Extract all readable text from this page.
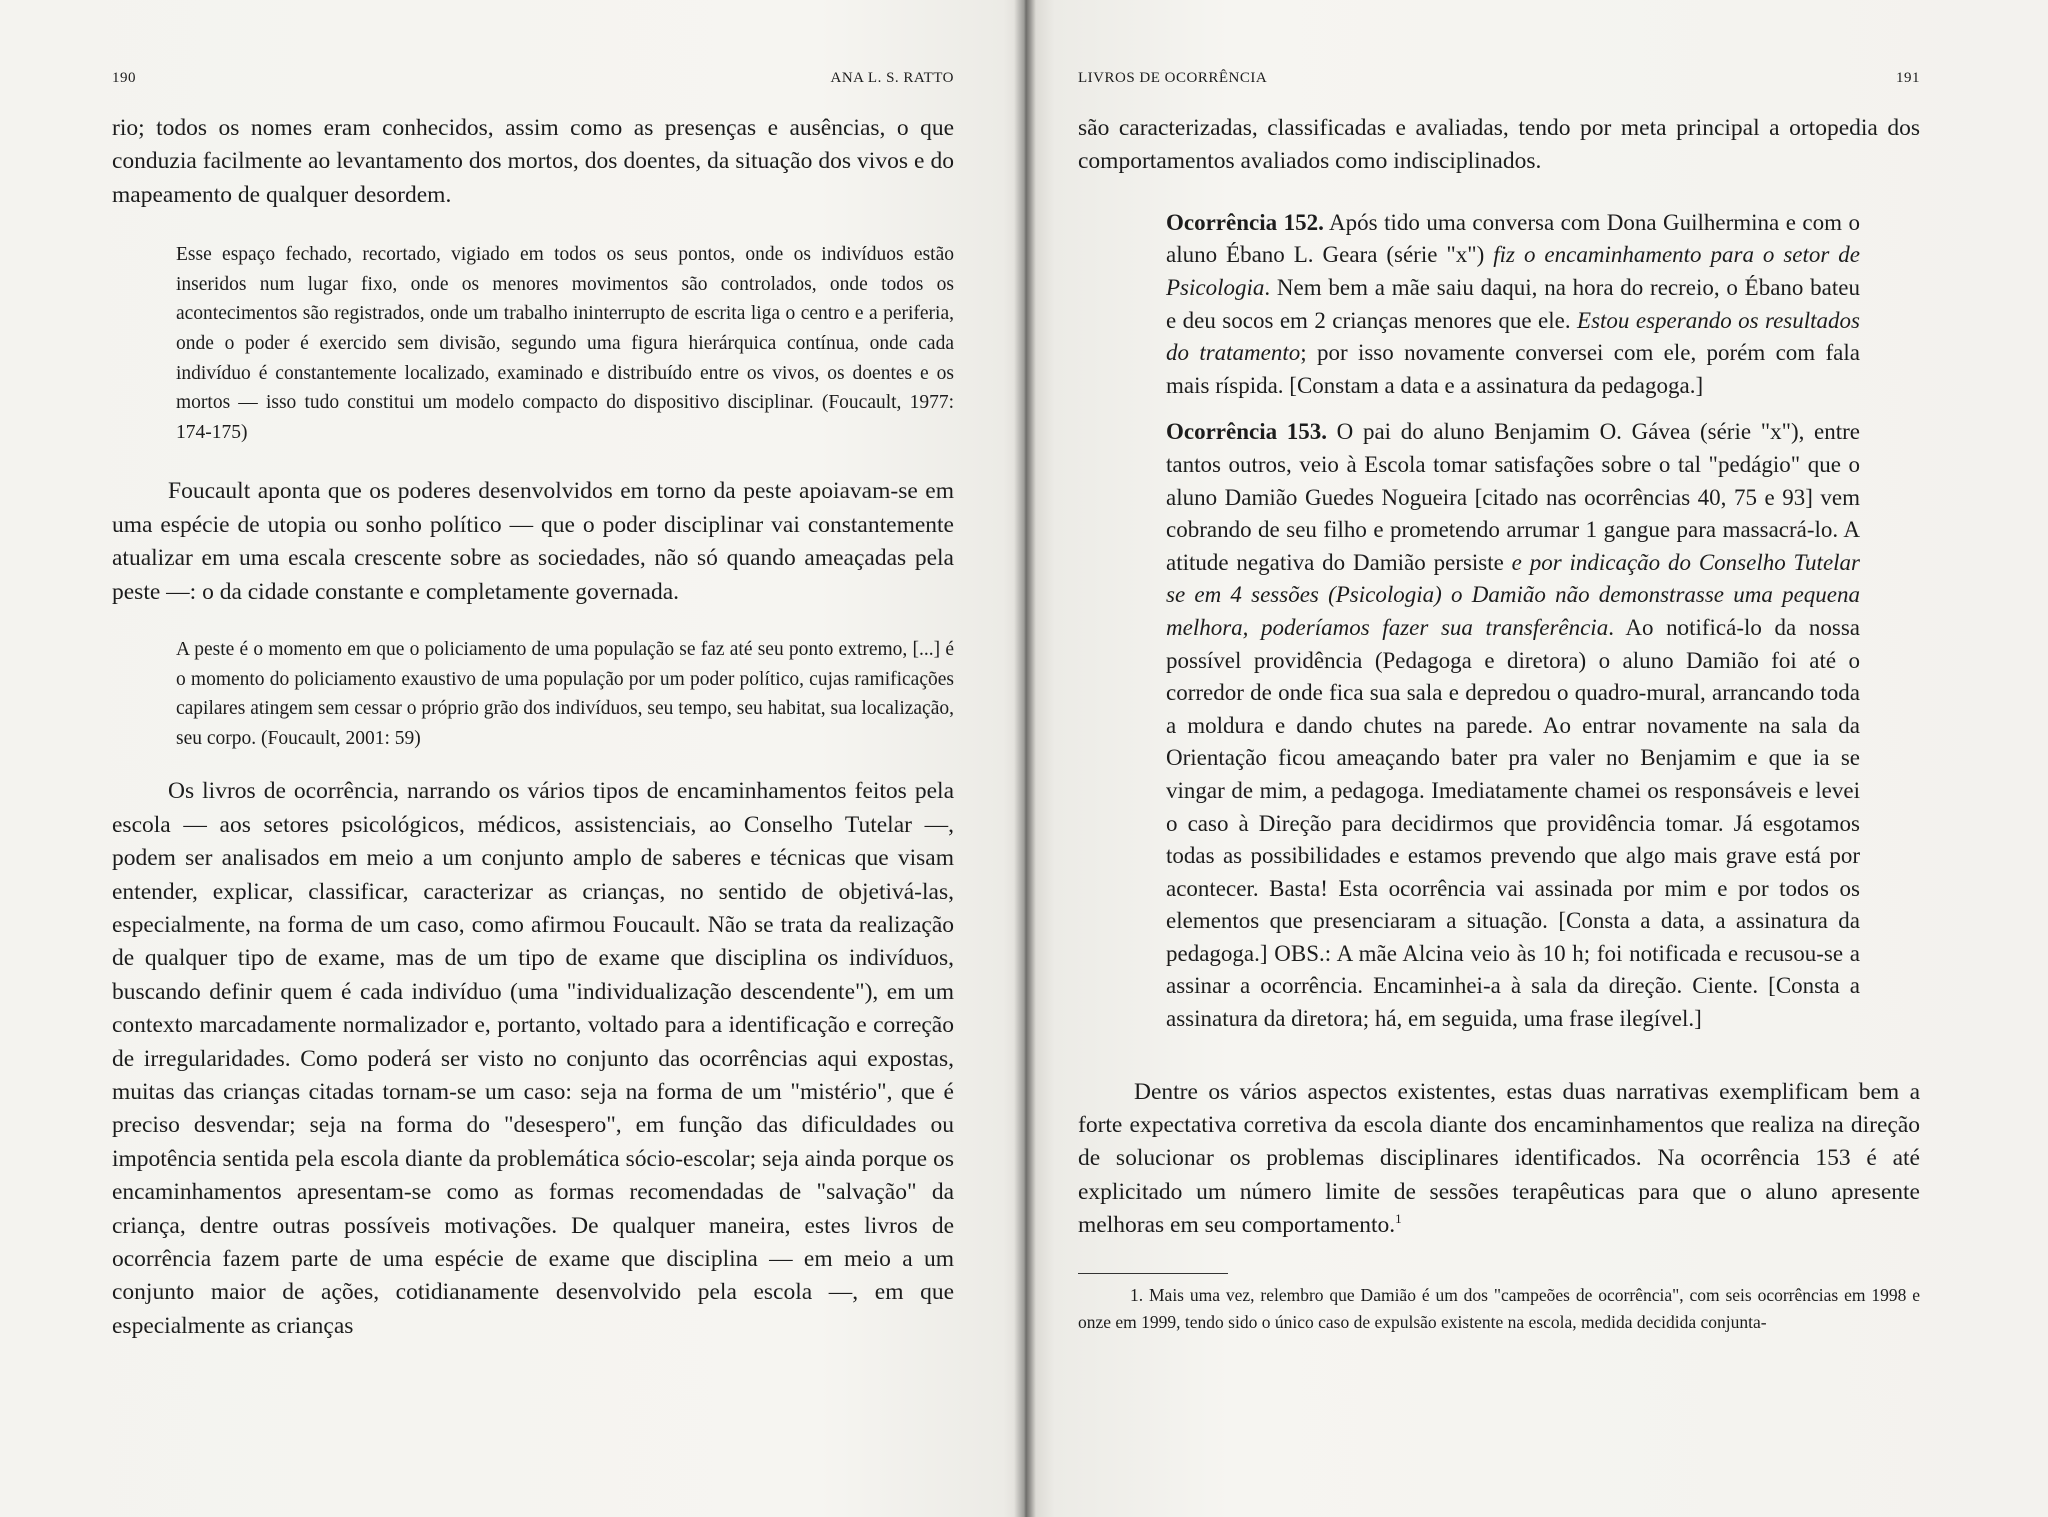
190	ANA L. S. RATTO

rio; todos os nomes eram conhecidos, assim como as presenças e ausências, o que conduzia facilmente ao levantamento dos mortos, dos doentes, da situação dos vivos e do mapeamento de qualquer desordem.

Esse espaço fechado, recortado, vigiado em todos os seus pontos, onde os indivíduos estão inseridos num lugar fixo, onde os menores movimentos são controlados, onde todos os acontecimentos são registrados, onde um trabalho ininterrupto de escrita liga o centro e a periferia, onde o poder é exercido sem divisão, segundo uma figura hierárquica contínua, onde cada indivíduo é constantemente localizado, examinado e distribuído entre os vivos, os doentes e os mortos — isso tudo constitui um modelo compacto do dispositivo disciplinar. (Foucault, 1977: 174-175)

Foucault aponta que os poderes desenvolvidos em torno da peste apoiavam-se em uma espécie de utopia ou sonho político — que o poder disciplinar vai constantemente atualizar em uma escala crescente sobre as sociedades, não só quando ameaçadas pela peste —: o da cidade constante e completamente governada.

A peste é o momento em que o policiamento de uma população se faz até seu ponto extremo, [...] é o momento do policiamento exaustivo de uma população por um poder político, cujas ramificações capilares atingem sem cessar o próprio grão dos indivíduos, seu tempo, seu habitat, sua localização, seu corpo. (Foucault, 2001: 59)

Os livros de ocorrência, narrando os vários tipos de encaminhamentos feitos pela escola — aos setores psicológicos, médicos, assistenciais, ao Conselho Tutelar —, podem ser analisados em meio a um conjunto amplo de saberes e técnicas que visam entender, explicar, classificar, caracterizar as crianças, no sentido de objetivá-las, especialmente, na forma de um caso, como afirmou Foucault. Não se trata da realização de qualquer tipo de exame, mas de um tipo de exame que disciplina os indivíduos, buscando definir quem é cada indivíduo (uma "individualização descendente"), em um contexto marcadamente normalizador e, portanto, voltado para a identificação e correção de irregularidades. Como poderá ser visto no conjunto das ocorrências aqui expostas, muitas das crianças citadas tornam-se um caso: seja na forma de um "mistério", que é preciso desvendar; seja na forma do "desespero", em função das dificuldades ou impotência sentida pela escola diante da problemática sócio-escolar; seja ainda porque os encaminhamentos apresentam-se como as formas recomendadas de "salvação" da criança, dentre outras possíveis motivações. De qualquer maneira, estes livros de ocorrência fazem parte de uma espécie de exame que disciplina — em meio a um conjunto maior de ações, cotidianamente desenvolvido pela escola —, em que especialmente as crianças

LIVROS DE OCORRÊNCIA	191

são caracterizadas, classificadas e avaliadas, tendo por meta principal a ortopedia dos comportamentos avaliados como indisciplinados.

Ocorrência 152. Após tido uma conversa com Dona Guilhermina e com o aluno Ébano L. Geara (série "x") fiz o encaminhamento para o setor de Psicologia. Nem bem a mãe saiu daqui, na hora do recreio, o Ébano bateu e deu socos em 2 crianças menores que ele. Estou esperando os resultados do tratamento; por isso novamente conversei com ele, porém com fala mais ríspida. [Constam a data e a assinatura da pedagoga.]

Ocorrência 153. O pai do aluno Benjamim O. Gávea (série "x"), entre tantos outros, veio à Escola tomar satisfações sobre o tal "pedágio" que o aluno Damião Guedes Nogueira [citado nas ocorrências 40, 75 e 93] vem cobrando de seu filho e prometendo arrumar 1 gangue para massacrá-lo. A atitude negativa do Damião persiste e por indicação do Conselho Tutelar se em 4 sessões (Psicologia) o Damião não demonstrasse uma pequena melhora, poderíamos fazer sua transferência. Ao notificá-lo da nossa possível providência (Pedagoga e diretora) o aluno Damião foi até o corredor de onde fica sua sala e depredou o quadro-mural, arrancando toda a moldura e dando chutes na parede. Ao entrar novamente na sala da Orientação ficou ameaçando bater pra valer no Benjamim e que ia se vingar de mim, a pedagoga. Imediatamente chamei os responsáveis e levei o caso à Direção para decidirmos que providência tomar. Já esgotamos todas as possibilidades e estamos prevendo que algo mais grave está por acontecer. Basta! Esta ocorrência vai assinada por mim e por todos os elementos que presenciaram a situação. [Consta a data, a assinatura da pedagoga.] OBS.: A mãe Alcina veio às 10 h; foi notificada e recusou-se a assinar a ocorrência. Encaminhei-a à sala da direção. Ciente. [Consta a assinatura da diretora; há, em seguida, uma frase ilegível.]

Dentre os vários aspectos existentes, estas duas narrativas exemplificam bem a forte expectativa corretiva da escola diante dos encaminhamentos que realiza na direção de solucionar os problemas disciplinares identificados. Na ocorrência 153 é até explicitado um número limite de sessões terapêuticas para que o aluno apresente melhoras em seu comportamento.$^1$

1. Mais uma vez, relembro que Damião é um dos "campeões de ocorrência", com seis ocorrências em 1998 e onze em 1999, tendo sido o único caso de expulsão existente na escola, medida decidida conjunta-
